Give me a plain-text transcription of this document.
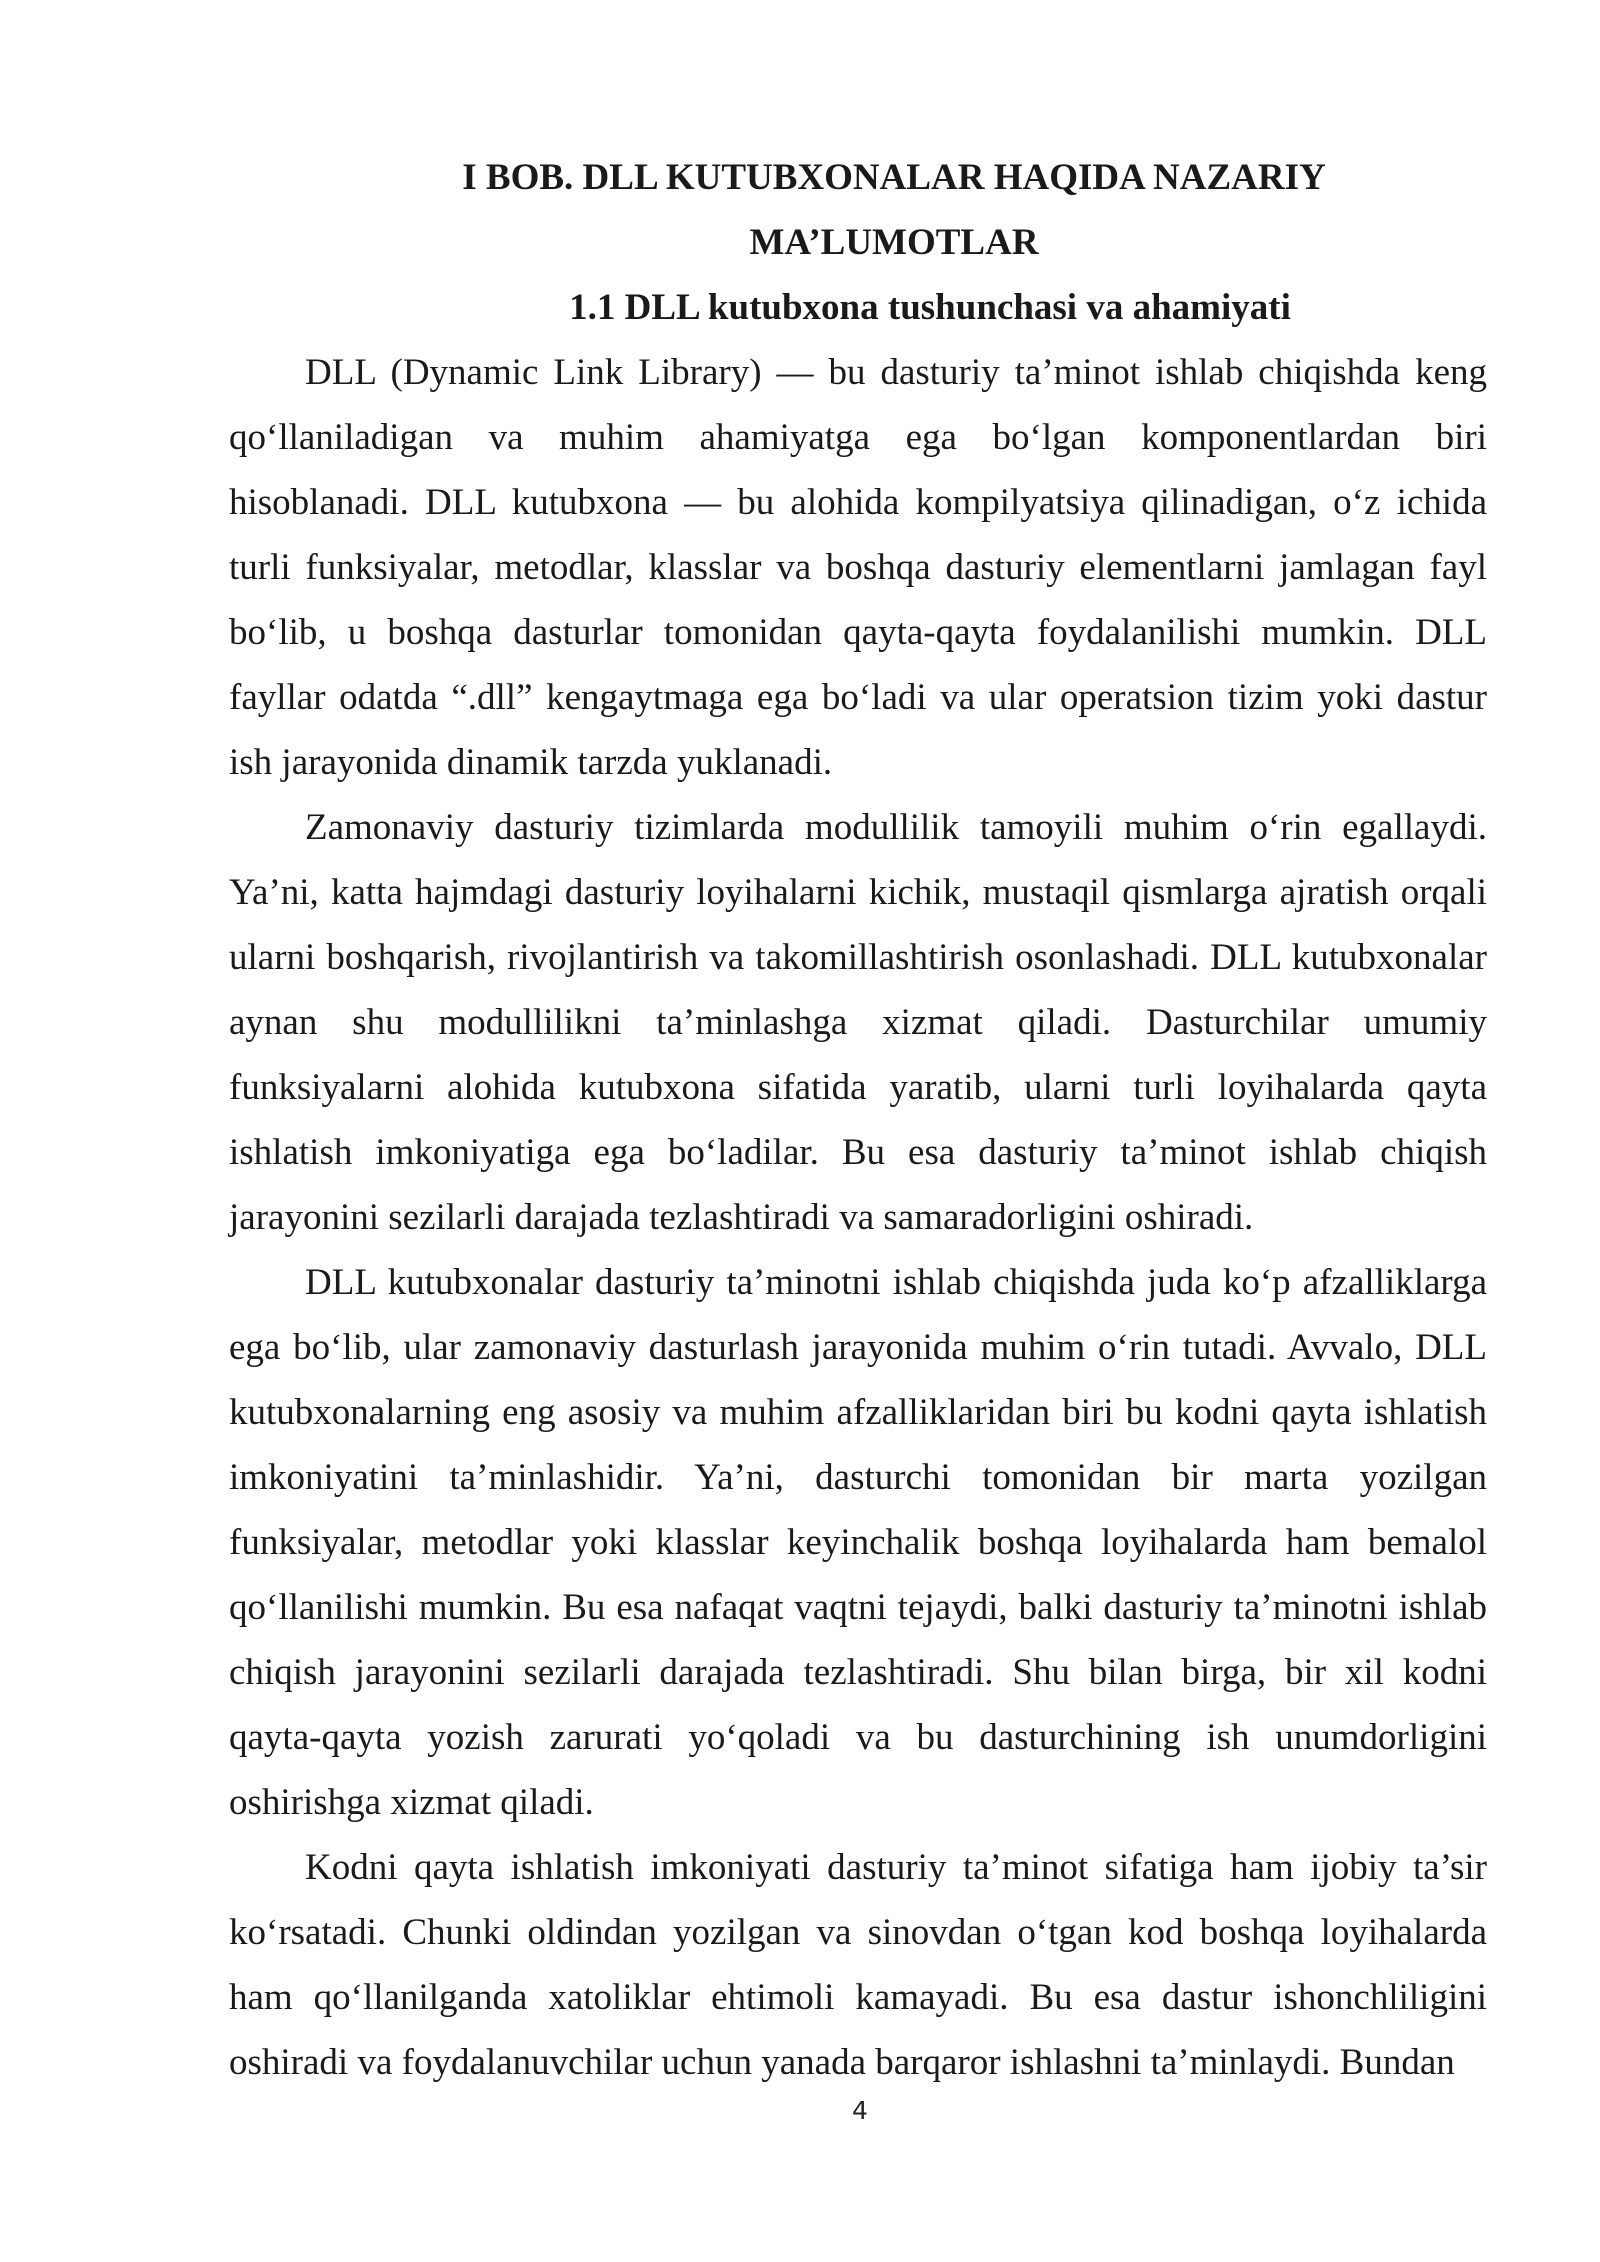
I BOB. DLL KUTUBXONALAR HAQIDA NAZARIY
MA’LUMOTLAR
1.1 DLL kutubxona tushunchasi va ahamiyati

DLL (Dynamic Link Library) — bu dasturiy ta’minot ishlab chiqishda keng qo‘llaniladigan va muhim ahamiyatga ega bo‘lgan komponentlardan biri hisoblanadi. DLL kutubxona — bu alohida kompilyatsiya qilinadigan, o‘z ichida turli funksiyalar, metodlar, klasslar va boshqa dasturiy elementlarni jamlagan fayl bo‘lib, u boshqa dasturlar tomonidan qayta-qayta foydalanilishi mumkin. DLL fayllar odatda “.dll” kengaytmaga ega bo‘ladi va ular operatsion tizim yoki dastur ish jarayonida dinamik tarzda yuklanadi.

Zamonaviy dasturiy tizimlarda modullilik tamoyili muhim o‘rin egallaydi. Ya’ni, katta hajmdagi dasturiy loyihalarni kichik, mustaqil qismlarga ajratish orqali ularni boshqarish, rivojlantirish va takomillashtirish osonlashadi. DLL kutubxonalar aynan shu modullilikni ta’minlashga xizmat qiladi. Dasturchilar umumiy funksiyalarni alohida kutubxona sifatida yaratib, ularni turli loyihalarda qayta ishlatish imkoniyatiga ega bo‘ladilar. Bu esa dasturiy ta’minot ishlab chiqish jarayonini sezilarli darajada tezlashtiradi va samaradorligini oshiradi.

DLL kutubxonalar dasturiy ta’minotni ishlab chiqishda juda ko‘p afzalliklarga ega bo‘lib, ular zamonaviy dasturlash jarayonida muhim o‘rin tutadi. Avvalo, DLL kutubxonalarning eng asosiy va muhim afzalliklaridan biri bu kodni qayta ishlatish imkoniyatini ta’minlashidir. Ya’ni, dasturchi tomonidan bir marta yozilgan funksiyalar, metodlar yoki klasslar keyinchalik boshqa loyihalarda ham bemalol qo‘llanilishi mumkin. Bu esa nafaqat vaqtni tejaydi, balki dasturiy ta’minotni ishlab chiqish jarayonini sezilarli darajada tezlashtiradi. Shu bilan birga, bir xil kodni qayta-qayta yozish zarurati yo‘qoladi va bu dasturchining ish unumdorligini oshirishga xizmat qiladi.

Kodni qayta ishlatish imkoniyati dasturiy ta’minot sifatiga ham ijobiy ta’sir ko‘rsatadi. Chunki oldindan yozilgan va sinovdan o‘tgan kod boshqa loyihalarda ham qo‘llanilganda xatoliklar ehtimoli kamayadi. Bu esa dastur ishonchliligini oshiradi va foydalanuvchilar uchun yanada barqaror ishlashni ta’minlaydi. Bundan

4
